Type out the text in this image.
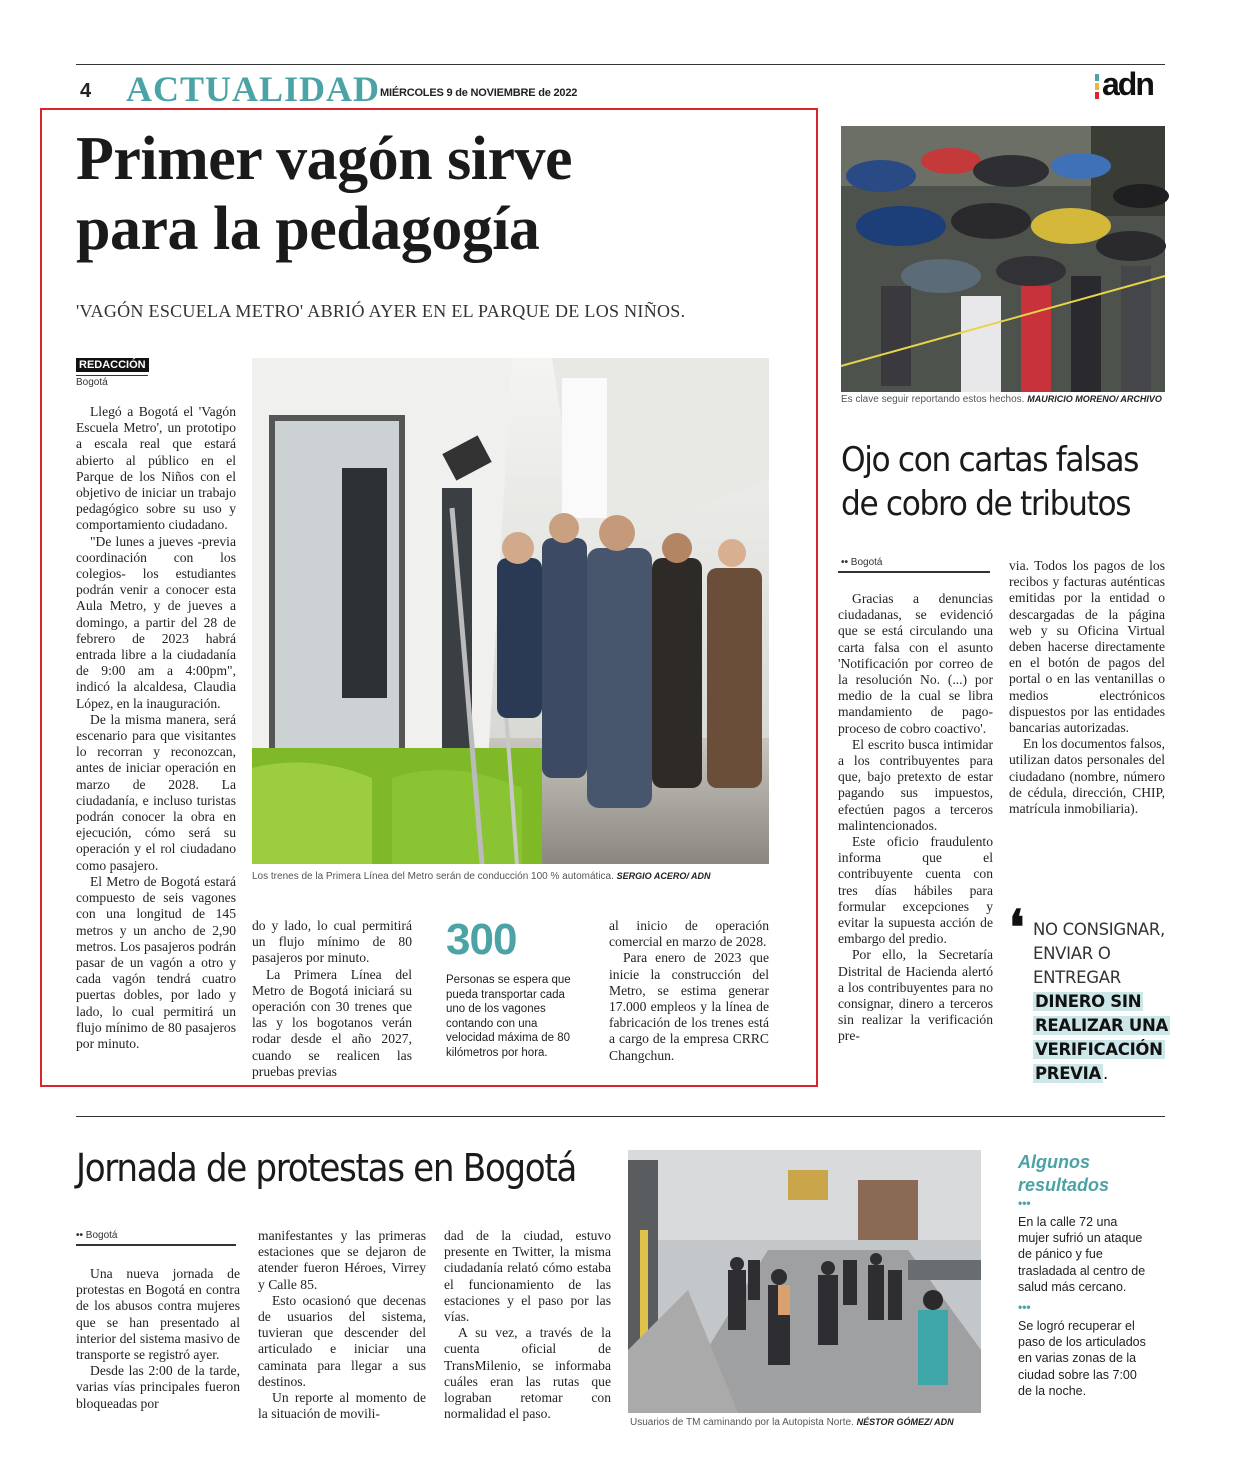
4 ACTUALIDAD MIÉRCOLES 9 de NOVIEMBRE de 2022	adn
Primer vagón sirve
para la pedagogía
'VAGÓN ESCUELA METRO' ABRIÓ AYER EN EL PARQUE DE LOS NIÑOS.
REDACCIÓN
Bogotá
Los trenes de la Primera Línea del Metro serán de conducción 100 % automática. SERGIO ACERO/ ADN

Llegó a Bogotá el 'Vagón Escuela Metro', un prototipo a escala real que estará abierto al público en el Parque de los Niños con el objetivo de iniciar un trabajo pedagógico sobre su uso y comportamiento ciudadano.

"De lunes a jueves -previa coordinación con los colegios- los estudiantes podrán venir a conocer esta Aula Metro, y de jueves a domingo, a partir del 28 de febrero de 2023 habrá entrada libre a la ciudadanía de 9:00 am a 4:00pm", indicó la alcaldesa, Claudia López, en la inauguración.

De la misma manera, será escenario para que visitantes lo recorran y reconozcan, antes de iniciar operación en marzo de 2028. La ciudadanía, e incluso turistas podrán conocer la obra en ejecución, cómo será su operación y el rol ciudadano como pasajero.

El Metro de Bogotá estará compuesto de seis vagones con una longitud de 145 metros y un ancho de 2,90 metros. Los pasajeros podrán pasar de un vagón a otro y cada vagón tendrá cuatro puertas dobles, por lado y lado, lo cual permitirá un flujo mínimo de 80 pasajeros por minuto.

do y lado, lo cual permitirá un flujo mínimo de 80 pasajeros por minuto.

La Primera Línea del Metro de Bogotá iniciará su operación con 30 trenes que las y los bogotanos verán rodar desde el año 2027, cuando se realicen las pruebas previas

300
Personas se espera que pueda transportar cada uno de los vagones contando con una velocidad máxima de 80 kilómetros por hora.

al inicio de operación comercial en marzo de 2028.

Para enero de 2023 que inicie la construcción del Metro, se estima generar 17.000 empleos y la línea de fabricación de los trenes está a cargo de la empresa CRRC Changchun.

Es clave seguir reportando estos hechos. MAURICIO MORENO/ ARCHIVO
Ojo con cartas falsas
de cobro de tributos
•• Bogotá

Gracias a denuncias ciudadanas, se evidenció que se está circulando una carta falsa con el asunto 'Notificación por correo de la resolución No. (...) por medio de la cual se libra mandamiento de pago-proceso de cobro coactivo'.

El escrito busca intimidar a los contribuyentes para que, bajo pretexto de estar pagando sus impuestos, efectúen pagos a terceros malintencionados.

Este oficio fraudulento informa que el contribuyente cuenta con tres días hábiles para formular excepciones y evitar la supuesta acción de embargo del predio.

Por ello, la Secretaría Distrital de Hacienda alertó a los contribuyentes para no consignar, dinero a terceros sin realizar la verificación pre-

via. Todos los pagos de los recibos y facturas auténticas emitidas por la entidad o descargadas de la página web y su Oficina Virtual deben hacerse directamente en el botón de pagos del portal o en las ventanillas o medios electrónicos dispuestos por las entidades bancarias autorizadas.

En los documentos falsos, utilizan datos personales del ciudadano (nombre, número de cédula, dirección, CHIP, matrícula inmobiliaria).

❛ NO CONSIGNAR,
ENVIAR O
ENTREGAR
DINERO SIN
REALIZAR UNA
VERIFICACIÓN
PREVIA .
Jornada de protestas en Bogotá
•• Bogotá

Una nueva jornada de protestas en Bogotá en contra de los abusos contra mujeres que se han presentado al interior del sistema masivo de transporte se registró ayer.

Desde las 2:00 de la tarde, varias vías principales fueron bloqueadas por

manifestantes y las primeras estaciones que se dejaron de atender fueron Héroes, Virrey y Calle 85.

Esto ocasionó que decenas de usuarios del sistema, tuvieran que descender del articulado e iniciar una caminata para llegar a sus destinos.

Un reporte al momento de la situación de movili-

dad de la ciudad, estuvo presente en Twitter, la misma ciudadanía relató cómo estaba el funcionamiento de las estaciones y el paso por las vías.

A su vez, a través de la cuenta oficial de TransMilenio, se informaba cuáles eran las rutas que lograban retomar con normalidad el paso.

Usuarios de TM caminando por la Autopista Norte. NÉSTOR GÓMEZ/ ADN
Algunos
resultados
•••
En la calle 72 una mujer sufrió un ataque de pánico y fue trasladada al centro de salud más cercano.
•••
Se logró recuperar el paso de los articulados en varias zonas de la ciudad sobre las 7:00 de la noche.
